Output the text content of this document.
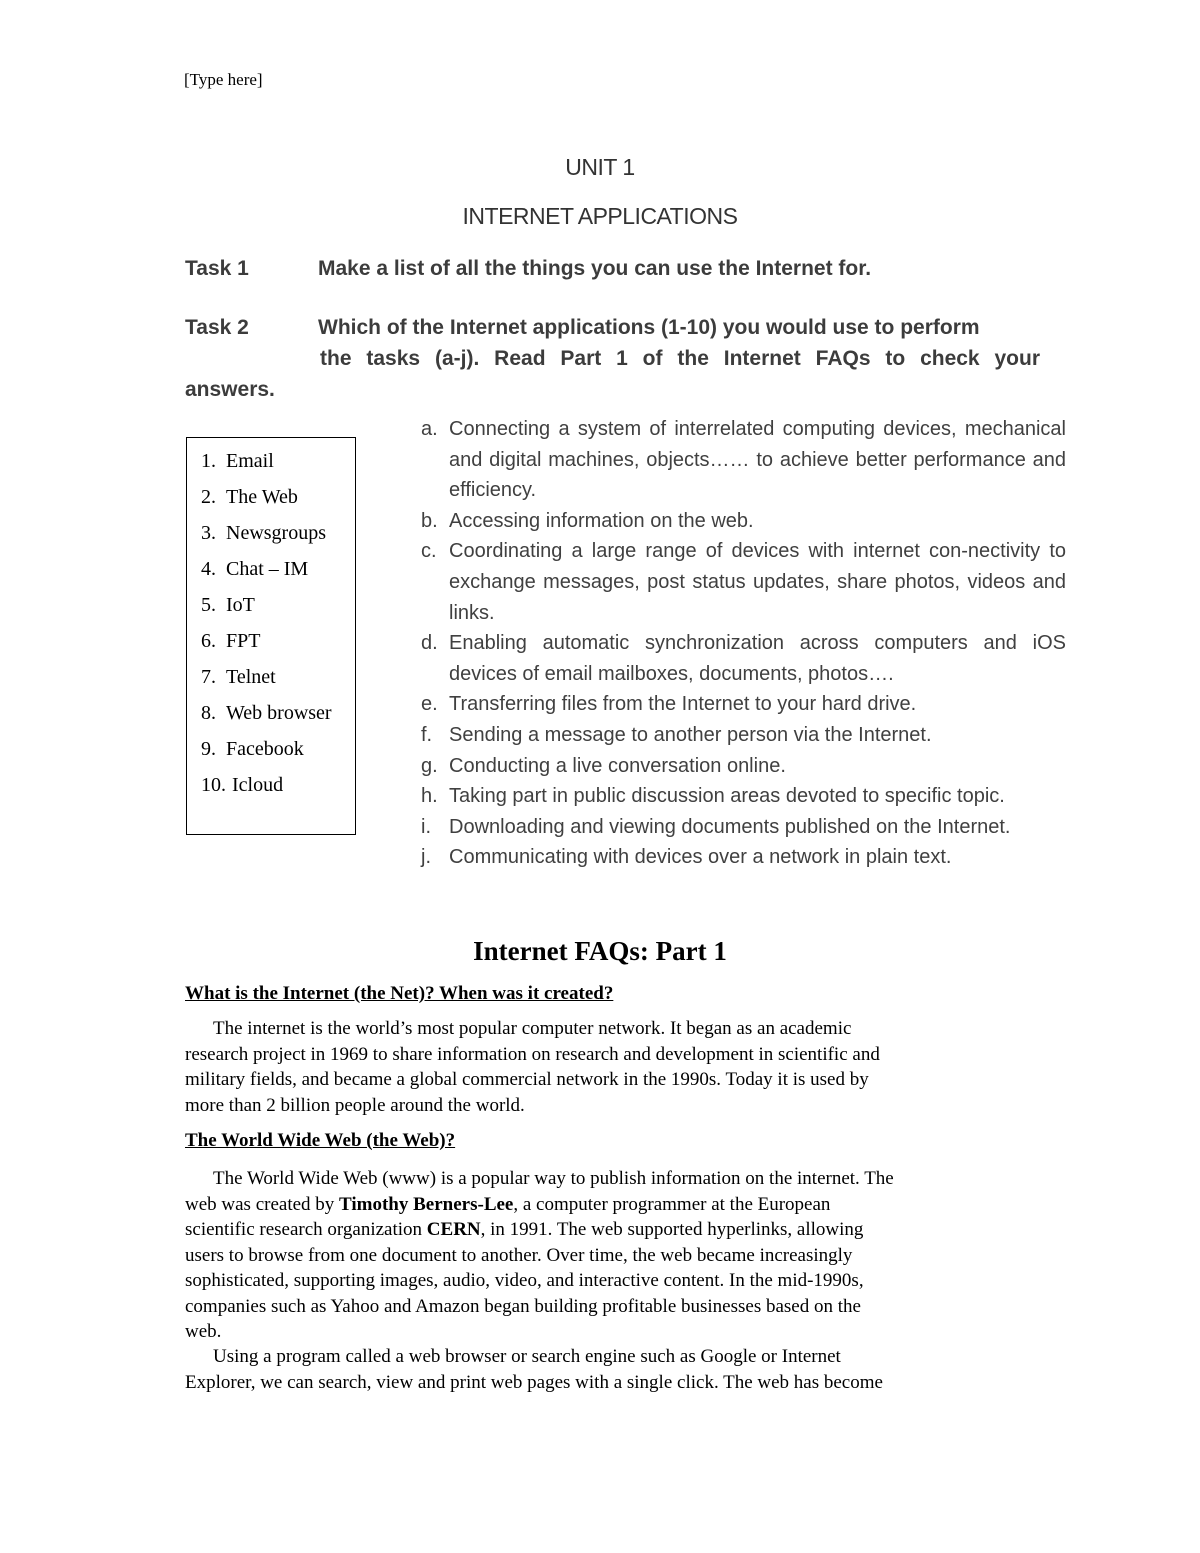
[Type here]
UNIT 1
INTERNET APPLICATIONS
Task 1	Make a list of all the things you can use the Internet for.
Task 2	Which of the Internet applications (1-10) you would use to perform
the tasks (a-j). Read Part 1 of the Internet FAQs to check your
answers.
1. Email
2. The Web
3. Newsgroups
4. Chat – IM
5. IoT
6. FPT
7. Telnet
8. Web browser
9. Facebook
10. Icloud
a. Connecting a system of interrelated computing devices, mechanical and digital machines, objects…… to achieve better performance and efficiency.
b. Accessing information on the web.
c. Coordinating a large range of devices with internet con-nectivity to exchange messages, post status updates, share photos, videos and links.
d. Enabling automatic synchronization across computers and iOS devices of email mailboxes, documents, photos….
e. Transferring files from the Internet to your hard drive.
f. Sending a message to another person via the Internet.
g. Conducting a live conversation online.
h. Taking part in public discussion areas devoted to specific topic.
i. Downloading and viewing documents published on the Internet.
j. Communicating with devices over a network in plain text.
Internet FAQs: Part 1
What is the Internet (the Net)? When was it created?
The internet is the world’s most popular computer network. It began as an academic
research project in 1969 to share information on research and development in scientific and
military fields, and became a global commercial network in the 1990s. Today it is used by
more than 2 billion people around the world.
The World Wide Web (the Web)?
The World Wide Web (www) is a popular way to publish information on the internet. The
web was created by Timothy Berners-Lee, a computer programmer at the European
scientific research organization CERN, in 1991. The web supported hyperlinks, allowing
users to browse from one document to another. Over time, the web became increasingly
sophisticated, supporting images, audio, video, and interactive content. In the mid-1990s,
companies such as Yahoo and Amazon began building profitable businesses based on the
web.
Using a program called a web browser or search engine such as Google or Internet
Explorer, we can search, view and print web pages with a single click. The web has become
